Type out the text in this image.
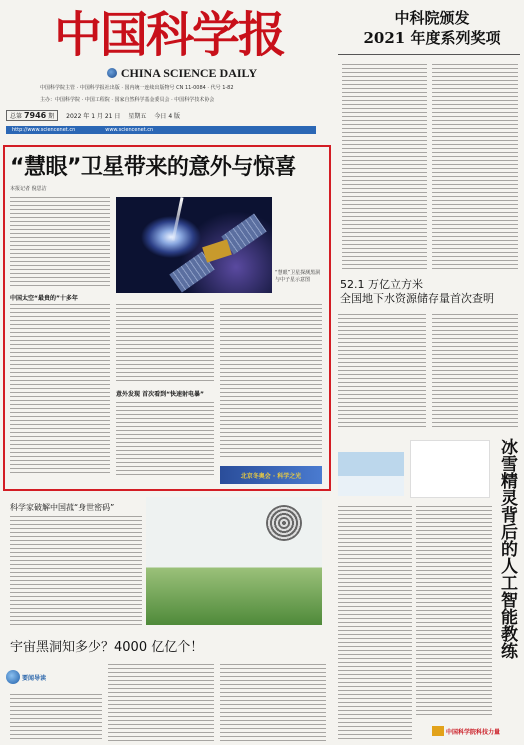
中国科学报
CHINA SCIENCE DAILY
中国科学院主管 · 中国科学报社出版 · 国内统一连续出版物号 CN 11-0084 · 代号 1-82
主办：中国科学院 · 中国工程院 · 国家自然科学基金委员会 · 中国科学技术协会
总第 7946 期	2022 年 1 月 21 日 星期五 今日 4 版
http://www.sciencenet.cn	www.sciencenet.cn
中科院颁发
2021 年度系列奖项
“慧眼”卫星带来的意外与惊喜
本报记者 倪思洁
“慧眼”卫星探测黑洞与中子星示意图
中国太空“最贵的”十多年
意外发现 首次看到“快速射电暴”
北京冬奥会 · 科学之光
52.1 万亿立方米
全国地下水资源储存量首次查明
冰雪精灵背后的人工智能教练
中国科学院科技力量
科学家破解中国菰“身世密码”
宇宙黑洞知多少？4000 亿亿个！
要闻导读
